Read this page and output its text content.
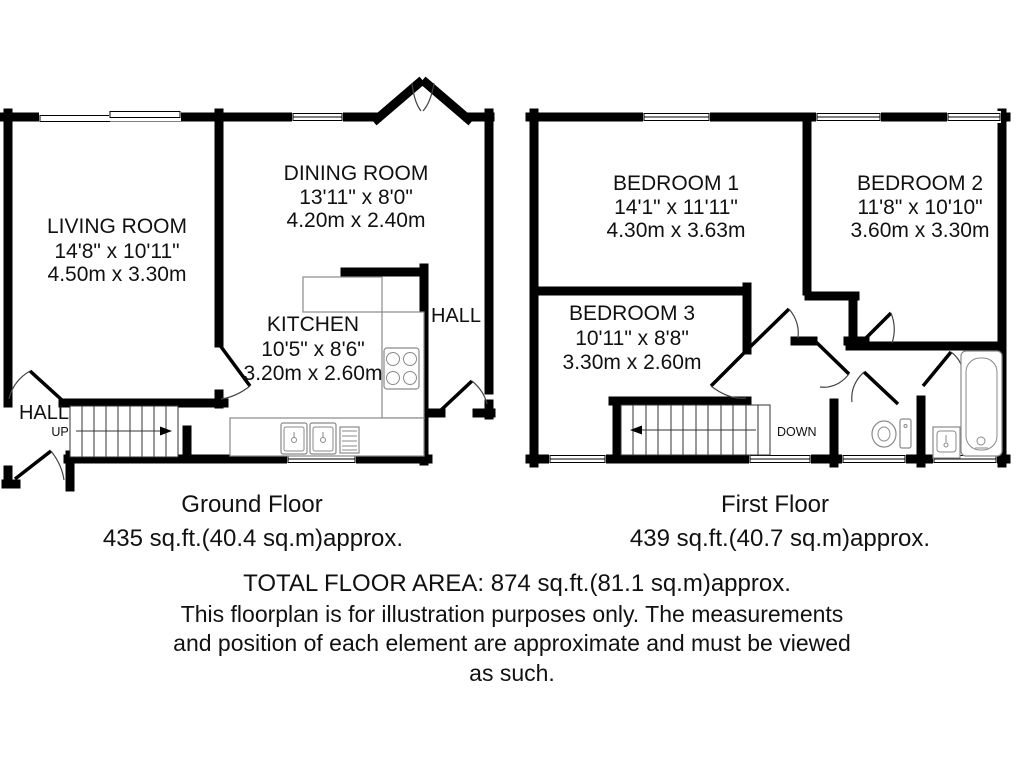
LIVING ROOM
14'8" x 10'11"
4.50m x 3.30m
DINING ROOM
13'11" x 8'0"
4.20m x 2.40m
KITCHEN
10'5" x 8'6"
3.20m x 2.60m
HALL
HALL
UP
BEDROOM 1
14'1" x 11'11"
4.30m x 3.63m
BEDROOM 2
11'8" x 10'10"
3.60m x 3.30m
BEDROOM 3
10'11" x 8'8"
3.30m x 2.60m
DOWN
Ground Floor
435 sq.ft.(40.4 sq.m)approx.
First Floor
439 sq.ft.(40.7 sq.m)approx.
TOTAL FLOOR AREA: 874 sq.ft.(81.1 sq.m)approx.
This floorplan is for illustration purposes only. The measurements
and position of each element are approximate and must be viewed
as such.
